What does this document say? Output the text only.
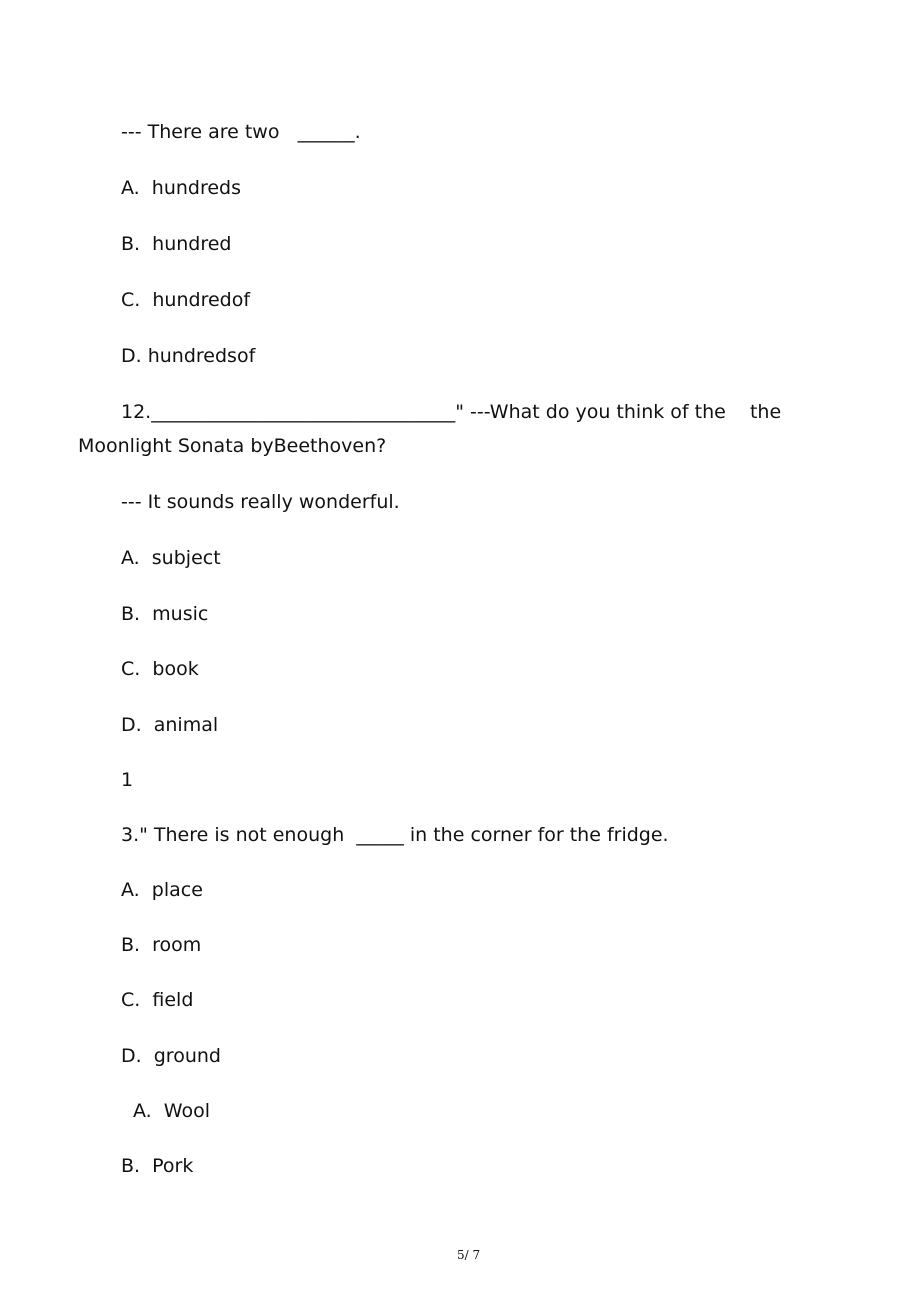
--- There are two   ______.
A.  hundreds
B.  hundred
C.  hundredof
D. hundredsof
12.________________________________" ---What do you think of the    the
Moonlight Sonata byBeethoven?
--- It sounds really wonderful.
A.  subject
B.  music
C.  book
D.  animal
1
3." There is not enough  _____ in the corner for the fridge.
A.  place
B.  room
C.  field
D.  ground
A.  Wool
B.  Pork
5/ 7
